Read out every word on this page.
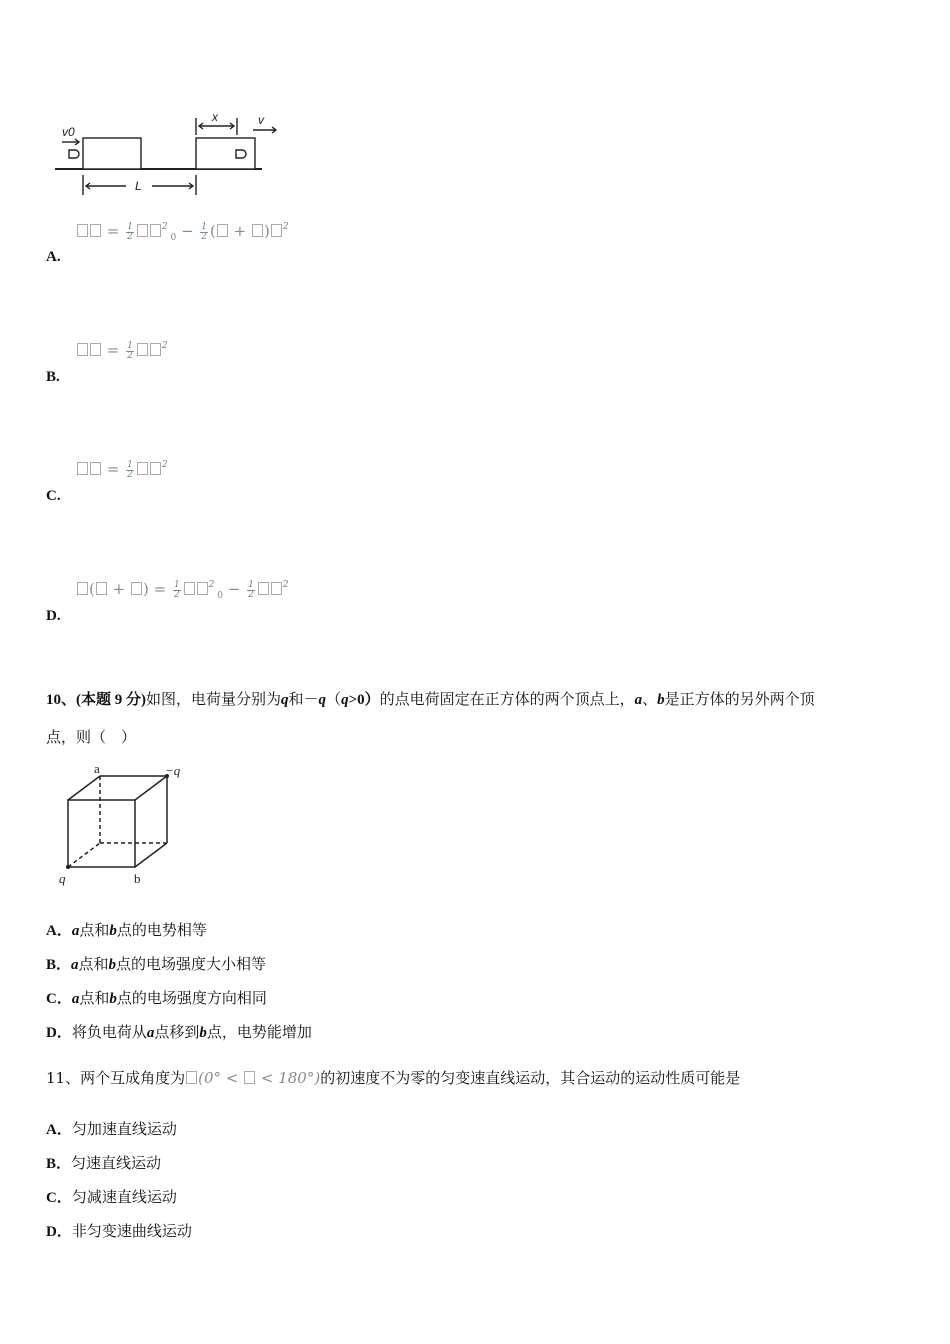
v0
x	v
L
= $\frac{1}{2}$	$^2$ $_0 - \frac{1}{2}$ ( + ) $^2$
A.
= $\frac{1}{2}$	$^2$
B.
= $\frac{1}{2}$	$^2$
C.
( + ) = $\frac{1}{2}$	$^2$ $_0 - \frac{1}{2}$	$^2$
D.
10、(本题 9 分)如图，电荷量分别为q和－q（q>0）的点电荷固定在正方体的两个顶点上，a、b是正方体的另外两个顶
点，则（　）
a	−q
q	b
A．a点和b点的电势相等
B．a点和b点的电场强度大小相等
C．a点和b点的电场强度方向相同
D．将负电荷从a点移到b点，电势能增加
11、两个互成角度为 (0° <  < 180°)的初速度不为零的匀变速直线运动，其合运动的运动性质可能是
A．匀加速直线运动
B．匀速直线运动
C．匀减速直线运动
D．非匀变速曲线运动
